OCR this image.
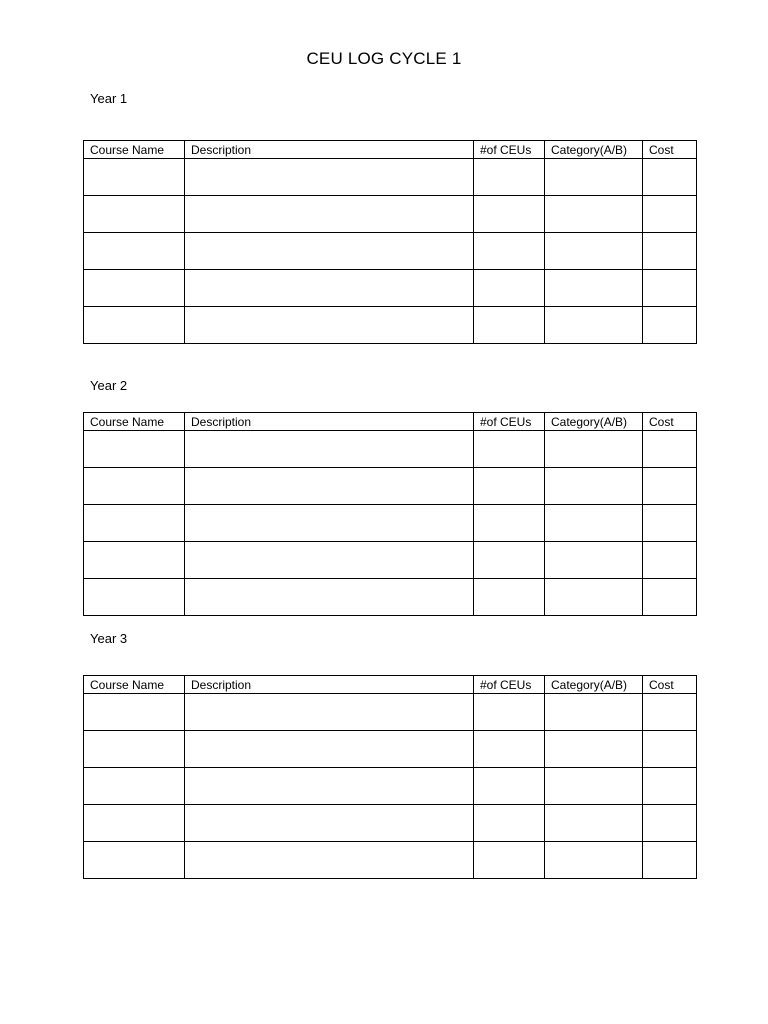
CEU LOG CYCLE 1
Year 1
Course Name	Description	#of CEUs	Category(A/B)	Cost

Year 2
Course Name	Description	#of CEUs	Category(A/B)	Cost

Year 3
Course Name	Description	#of CEUs	Category(A/B)	Cost
